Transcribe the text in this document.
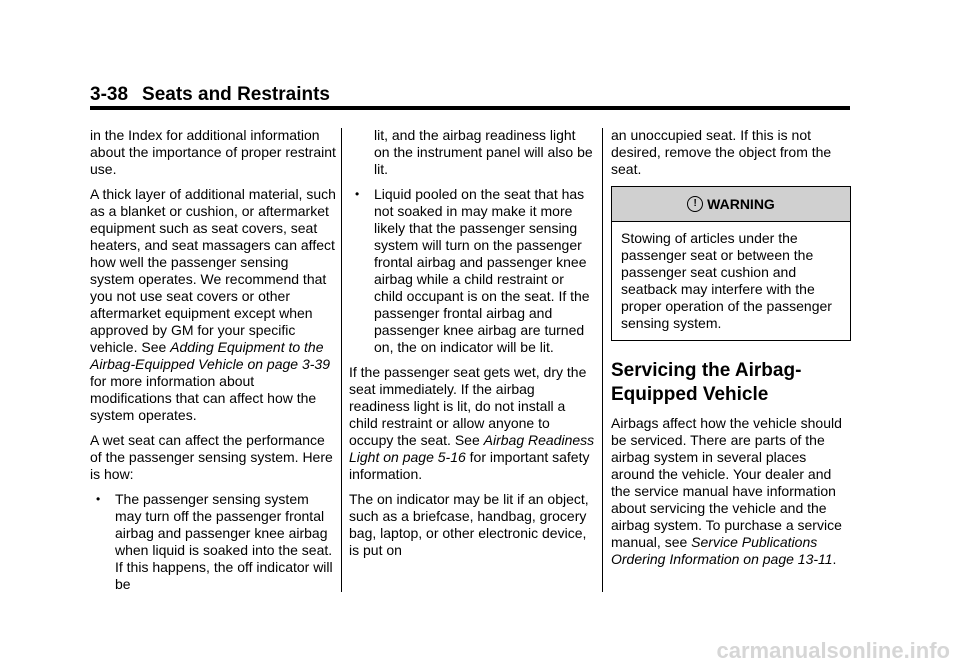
3-38 Seats and Restraints

in the Index for additional information about the importance of proper restraint use.

A thick layer of additional material, such as a blanket or cushion, or aftermarket equipment such as seat covers, seat heaters, and seat massagers can affect how well the passenger sensing system operates. We recommend that you not use seat covers or other aftermarket equipment except when approved by GM for your specific vehicle. See Adding Equipment to the Airbag-Equipped Vehicle on page 3-39 for more information about modifications that can affect how the system operates.

A wet seat can affect the performance of the passenger sensing system. Here is how:

• The passenger sensing system may turn off the passenger frontal airbag and passenger knee airbag when liquid is soaked into the seat. If this happens, the off indicator will be

lit, and the airbag readiness light on the instrument panel will also be lit.

• Liquid pooled on the seat that has not soaked in may make it more likely that the passenger sensing system will turn on the passenger frontal airbag and passenger knee airbag while a child restraint or child occupant is on the seat. If the passenger frontal airbag and passenger knee airbag are turned on, the on indicator will be lit.

If the passenger seat gets wet, dry the seat immediately. If the airbag readiness light is lit, do not install a child restraint or allow anyone to occupy the seat. See Airbag Readiness Light on page 5-16 for important safety information.

The on indicator may be lit if an object, such as a briefcase, handbag, grocery bag, laptop, or other electronic device, is put on

an unoccupied seat. If this is not desired, remove the object from the seat.

! WARNING
Stowing of articles under the passenger seat or between the passenger seat cushion and seatback may interfere with the proper operation of the passenger sensing system.
Servicing the Airbag-Equipped Vehicle

Airbags affect how the vehicle should be serviced. There are parts of the airbag system in several places around the vehicle. Your dealer and the service manual have information about servicing the vehicle and the airbag system. To purchase a service manual, see Service Publications Ordering Information on page 13-11.

carmanualsonline.info
